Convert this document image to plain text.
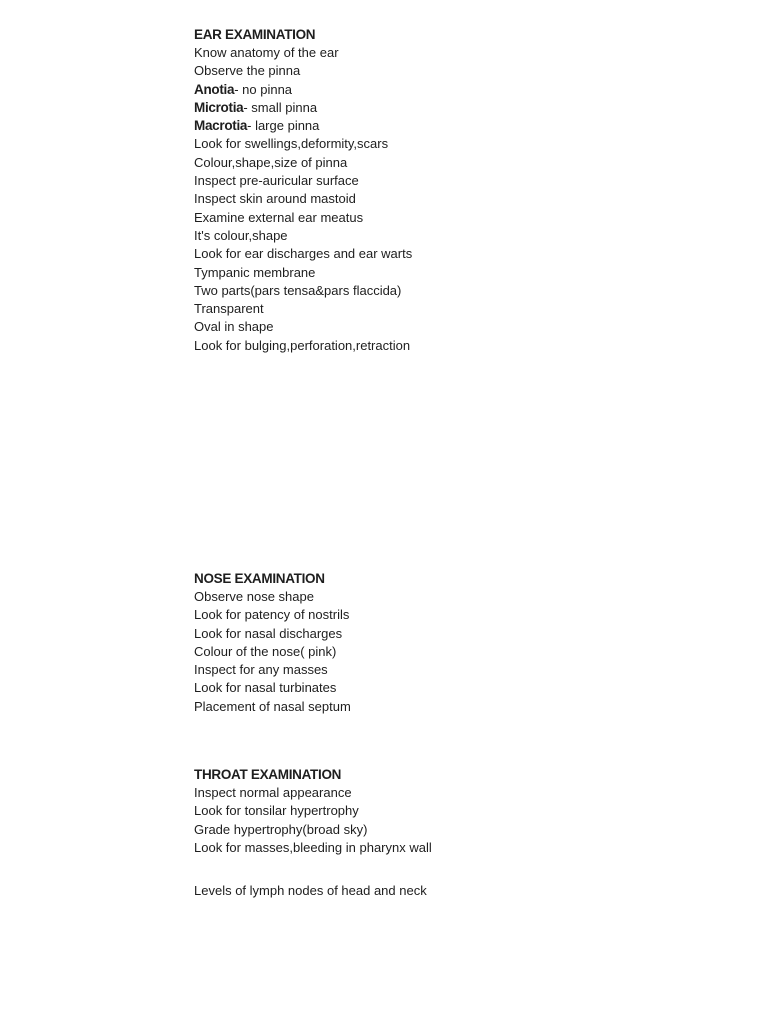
EAR EXAMINATION
Know anatomy of the ear
Observe the pinna
Anotia- no pinna
Microtia- small pinna
Macrotia- large pinna
Look for swellings,deformity,scars
Colour,shape,size of pinna
Inspect pre-auricular surface
Inspect skin around mastoid
Examine external ear meatus
It's colour,shape
Look for ear discharges and ear warts
Tympanic membrane
Two parts(pars tensa&pars flaccida)
Transparent
Oval in shape
Look for bulging,perforation,retraction
NOSE EXAMINATION
Observe nose shape
Look for patency of nostrils
Look for nasal discharges
Colour of the nose( pink)
Inspect for any masses
Look for nasal turbinates
Placement of nasal septum
THROAT EXAMINATION
Inspect normal appearance
Look for tonsilar hypertrophy
Grade hypertrophy(broad sky)
Look for masses,bleeding in pharynx wall
Levels of lymph nodes of head and neck
